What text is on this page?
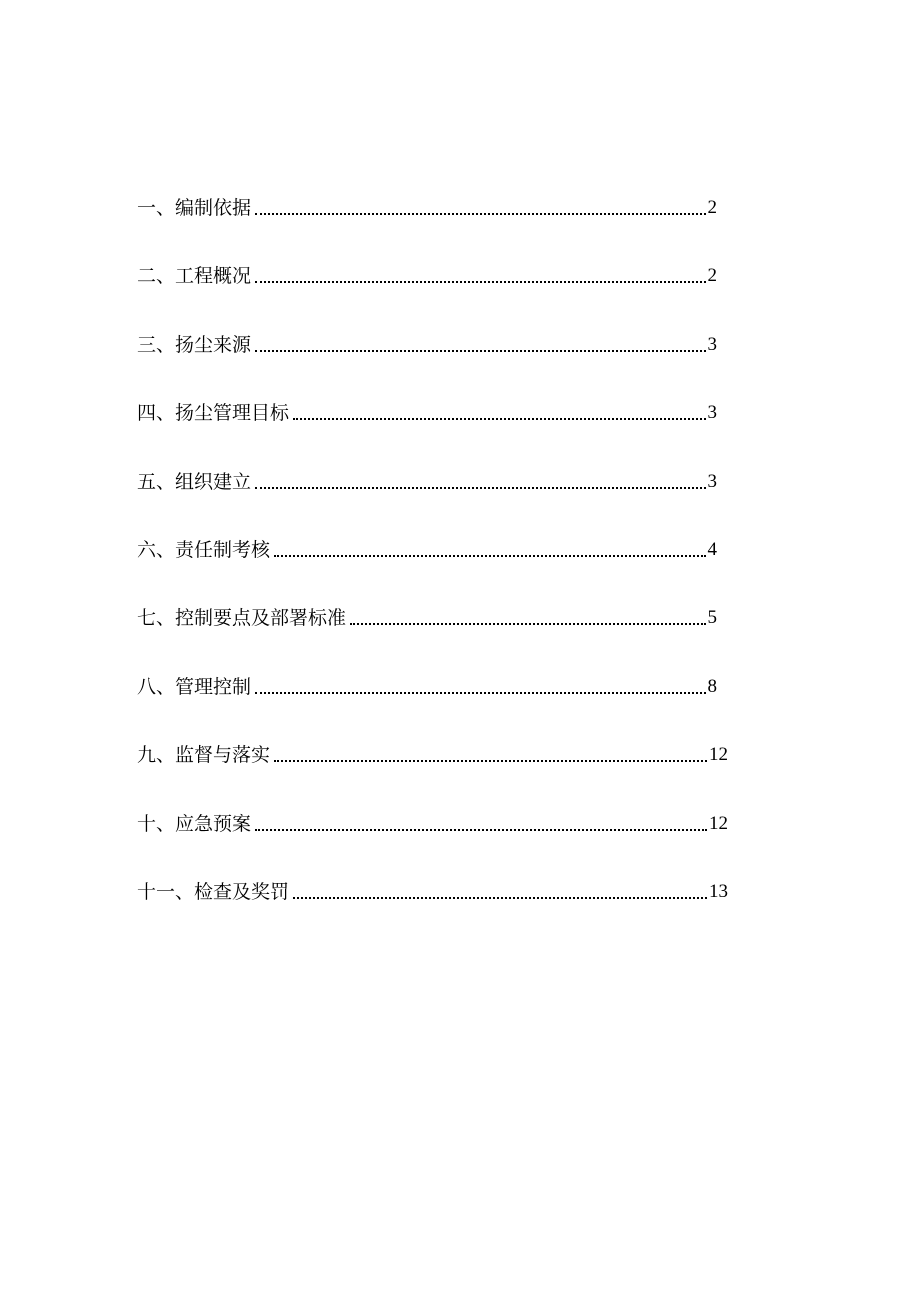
一、编制依据	2
二、工程概况	2
三、扬尘来源	3
四、扬尘管理目标	3
五、组织建立	3
六、责任制考核	4
七、控制要点及部署标准	5
八、管理控制	8
九、监督与落实	12
十、应急预案	12
十一、检查及奖罚	13
